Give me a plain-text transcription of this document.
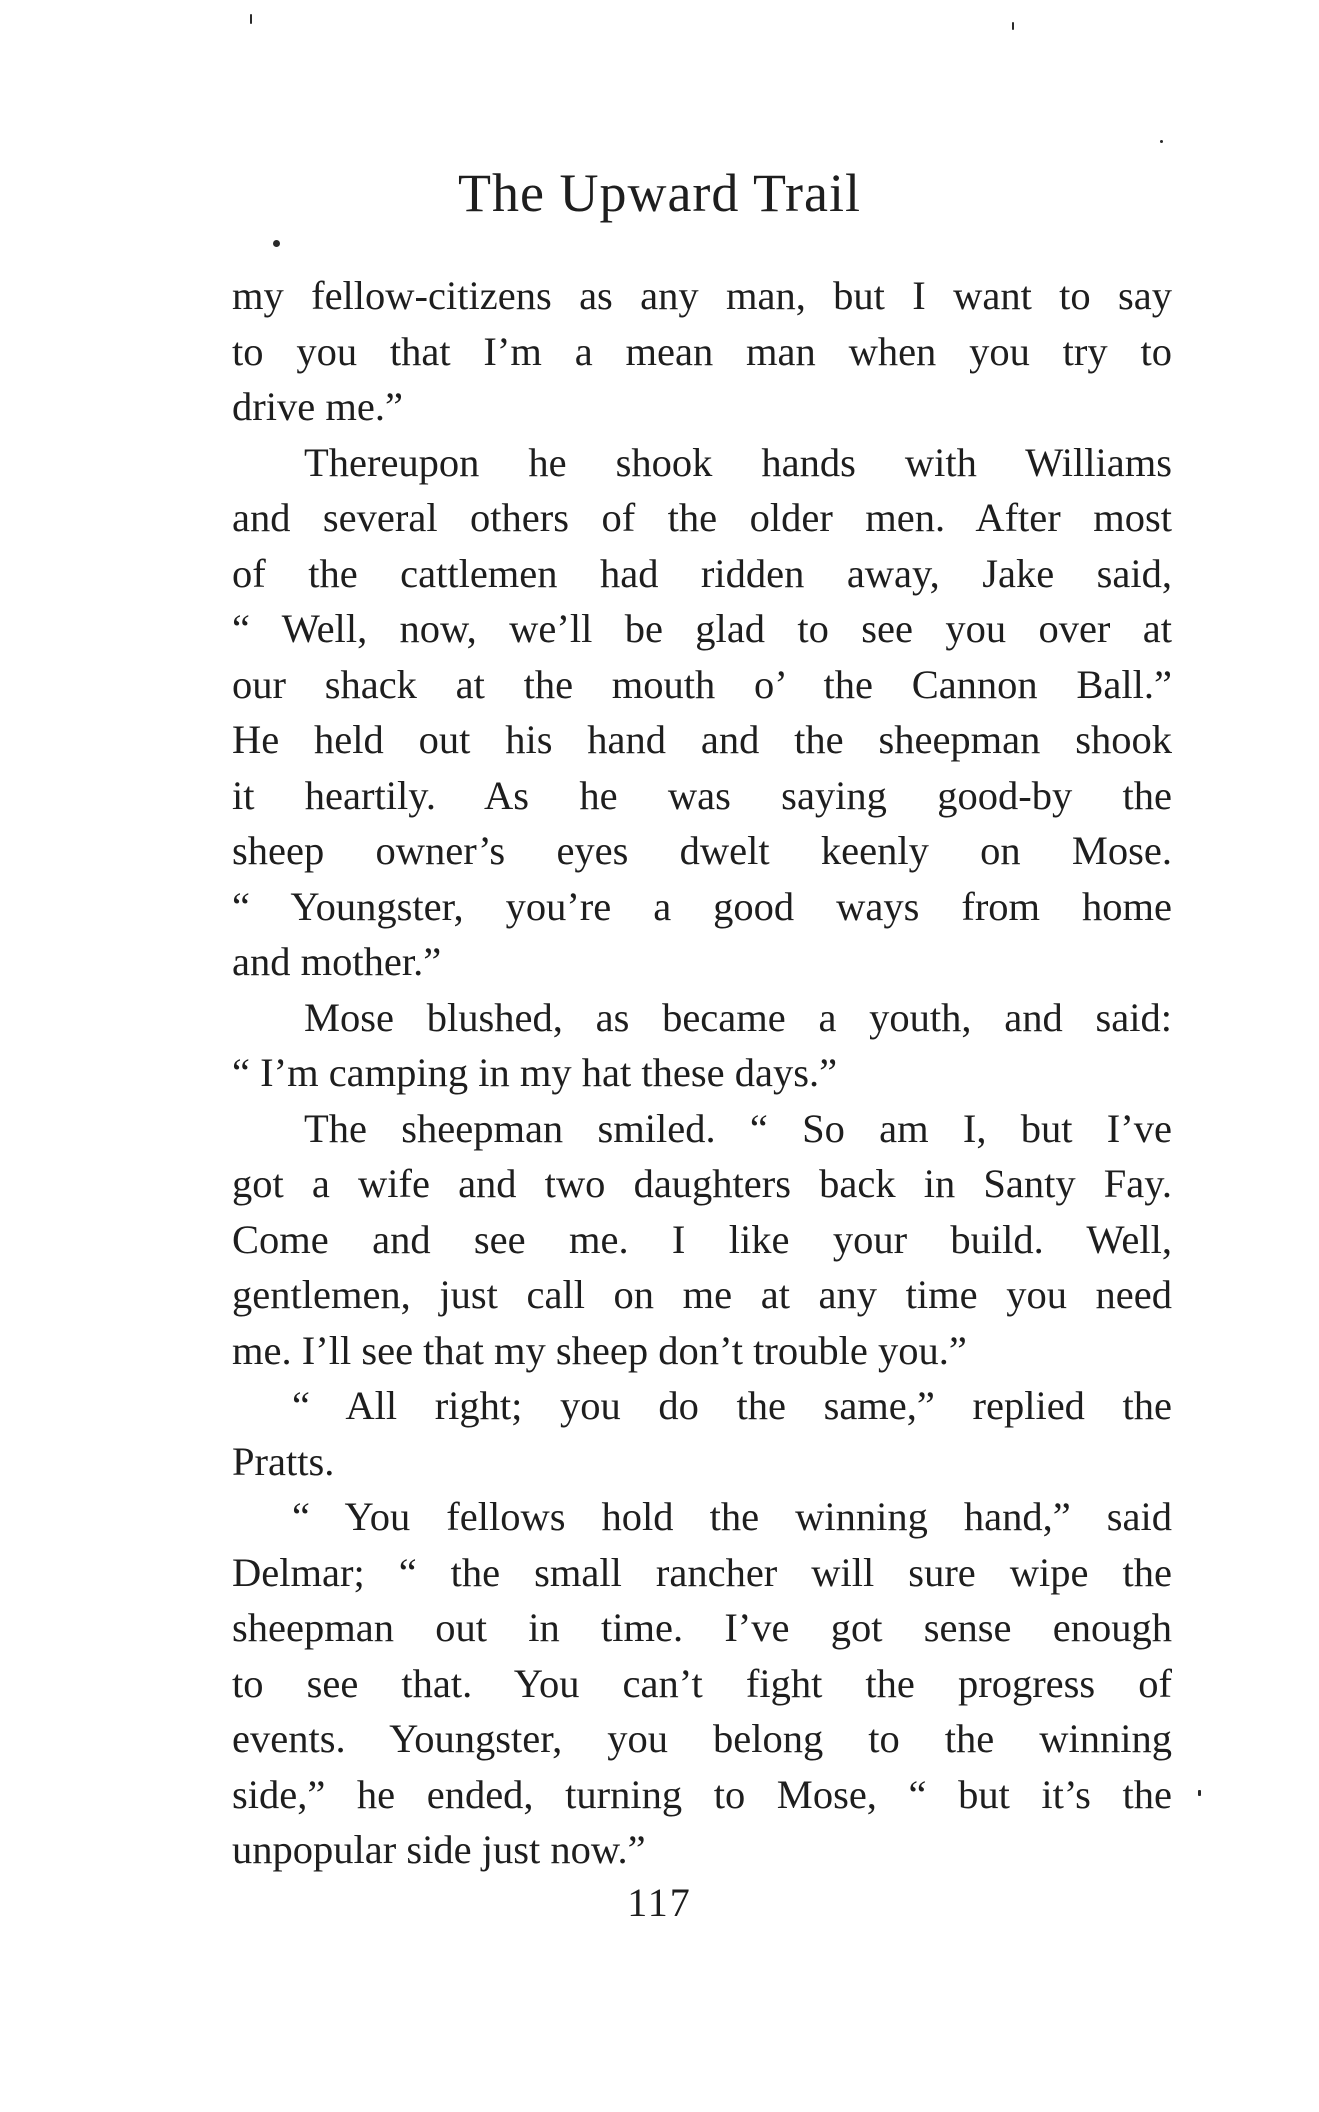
The Upward Trail
my fellow-citizens as any man, but I want to say
to you that I’m a mean man when you try to
drive me.”
Thereupon he shook hands with Williams
and several others of the older men. After most
of the cattlemen had ridden away, Jake said,
“ Well, now, we’ll be glad to see you over at
our shack at the mouth o’ the Cannon Ball.”
He held out his hand and the sheepman shook
it heartily. As he was saying good-by the
sheep owner’s eyes dwelt keenly on Mose.
“ Youngster, you’re a good ways from home
and mother.”
Mose blushed, as became a youth, and said:
“ I’m camping in my hat these days.”
The sheepman smiled. “ So am I, but I’ve
got a wife and two daughters back in Santy Fay.
Come and see me. I like your build. Well,
gentlemen, just call on me at any time you need
me. I’ll see that my sheep don’t trouble you.”
“ All right; you do the same,” replied the
Pratts.
“ You fellows hold the winning hand,” said
Delmar; “ the small rancher will sure wipe the
sheepman out in time. I’ve got sense enough
to see that. You can’t fight the progress of
events. Youngster, you belong to the winning
side,” he ended, turning to Mose, “ but it’s the
unpopular side just now.”
117
